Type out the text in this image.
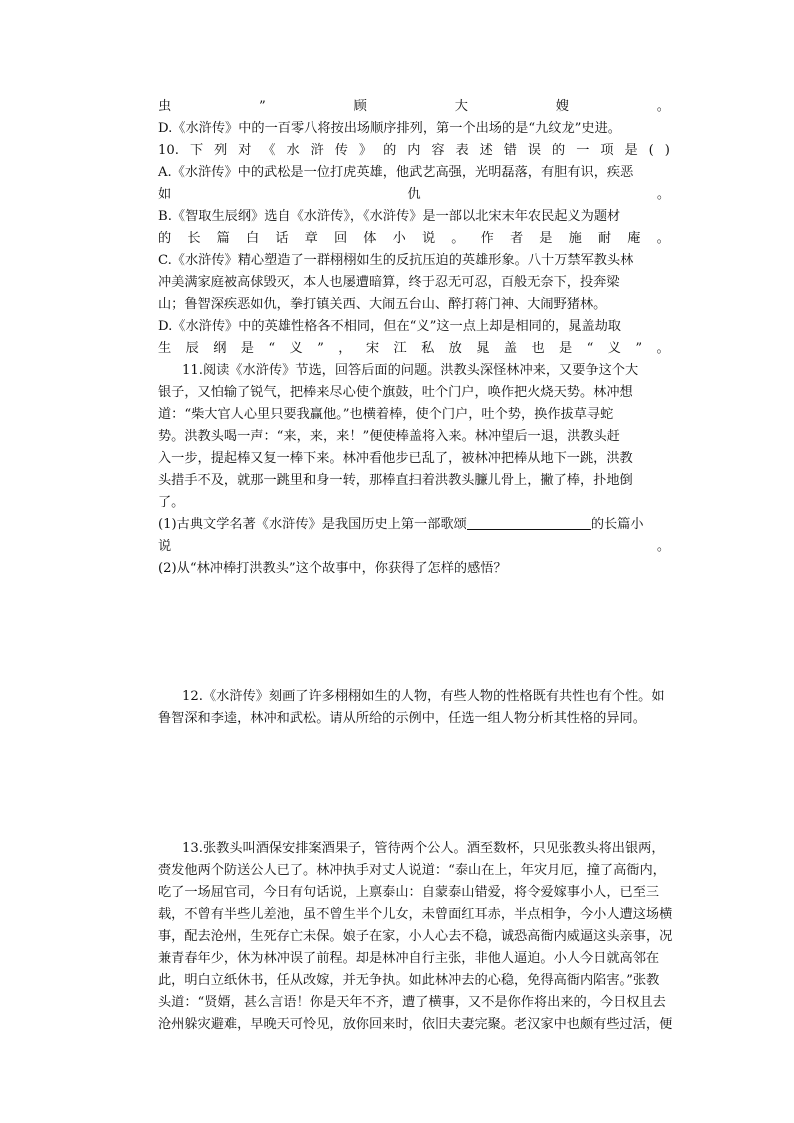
虫	”	顾	大	嫂	。
D.《水浒传》中的一百零八将按出场顺序排列，第一个出场的是“九纹龙”史进。
10. 下 列 对 《 水 浒 传 》 的 内 容 表 述 错 误 的 一 项 是 ( )
A.《水浒传》中的武松是一位打虎英雄，他武艺高强，光明磊落，有胆有识，疾恶
如	仇	。
B.《智取生辰纲》选自《水浒传》，《水浒传》是一部以北宋末年农民起义为题材
的 长 篇 白 话 章 回 体 小 说 。 作 者 是 施 耐 庵 。
C.《水浒传》精心塑造了一群栩栩如生的反抗压迫的英雄形象。八十万禁军教头林
冲美满家庭被高俅毁灭，本人也屡遭暗算，终于忍无可忍，百般无奈下，投奔梁
山；鲁智深疾恶如仇，拳打镇关西、大闹五台山、醉打蒋门神、大闹野猪林。
D.《水浒传》中的英雄性格各不相同，但在“义”这一点上却是相同的，晁盖劫取
生 辰 纲 是 “ 义 ” ， 宋 江 私 放 晁 盖 也 是 “ 义 ” 。
11.阅读《水浒传》节选，回答后面的问题。洪教头深怪林冲来，又要争这个大
银子，又怕输了锐气，把棒来尽心使个旗鼓，吐个门户，唤作把火烧天势。林冲想
道：“柴大官人心里只要我赢他。”也横着棒，使个门户，吐个势，换作拔草寻蛇
势。洪教头喝一声：“来，来，来！”便使棒盖将入来。林冲望后一退，洪教头赶
入一步，提起棒又复一棒下来。林冲看他步已乱了，被林冲把棒从地下一跳，洪教
头措手不及，就那一跳里和身一转，那棒直扫着洪教头臁儿骨上，撇了棒，扑地倒
了。
(1)古典文学名著《水浒传》是我国历史上第一部歌颂	的长篇小
说	。
(2)从“林冲棒打洪教头”这个故事中，你获得了怎样的感悟？
12.《水浒传》刻画了许多栩栩如生的人物，有些人物的性格既有共性也有个性。如
鲁智深和李逵，林冲和武松。请从所给的示例中，任选一组人物分析其性格的异同。
13.张教头叫酒保安排案酒果子，管待两个公人。酒至数杯，只见张教头将出银两，
赍发他两个防送公人已了。林冲执手对丈人说道：“泰山在上，年灾月厄，撞了高衙内，
吃了一场屈官司，今日有句话说，上禀泰山：自蒙泰山错爱，将令爱嫁事小人，已至三
载，不曾有半些儿差池，虽不曾生半个儿女，未曾面红耳赤，半点相争，今小人遭这场横
事，配去沧州，生死存亡未保。娘子在家，小人心去不稳，诚恐高衙内威逼这头亲事，况
兼青春年少，休为林冲误了前程。却是林冲自行主张，非他人逼迫。小人今日就高邻在
此，明白立纸休书，任从改嫁，并无争执。如此林冲去的心稳，免得高衙内陷害。”张教
头道：“贤婿，甚么言语！你是天年不齐，遭了横事，又不是你作将出来的，今日权且去
沧州躲灾避难，早晚天可怜见，放你回来时，依旧夫妻完聚。老汉家中也颇有些过活，便
